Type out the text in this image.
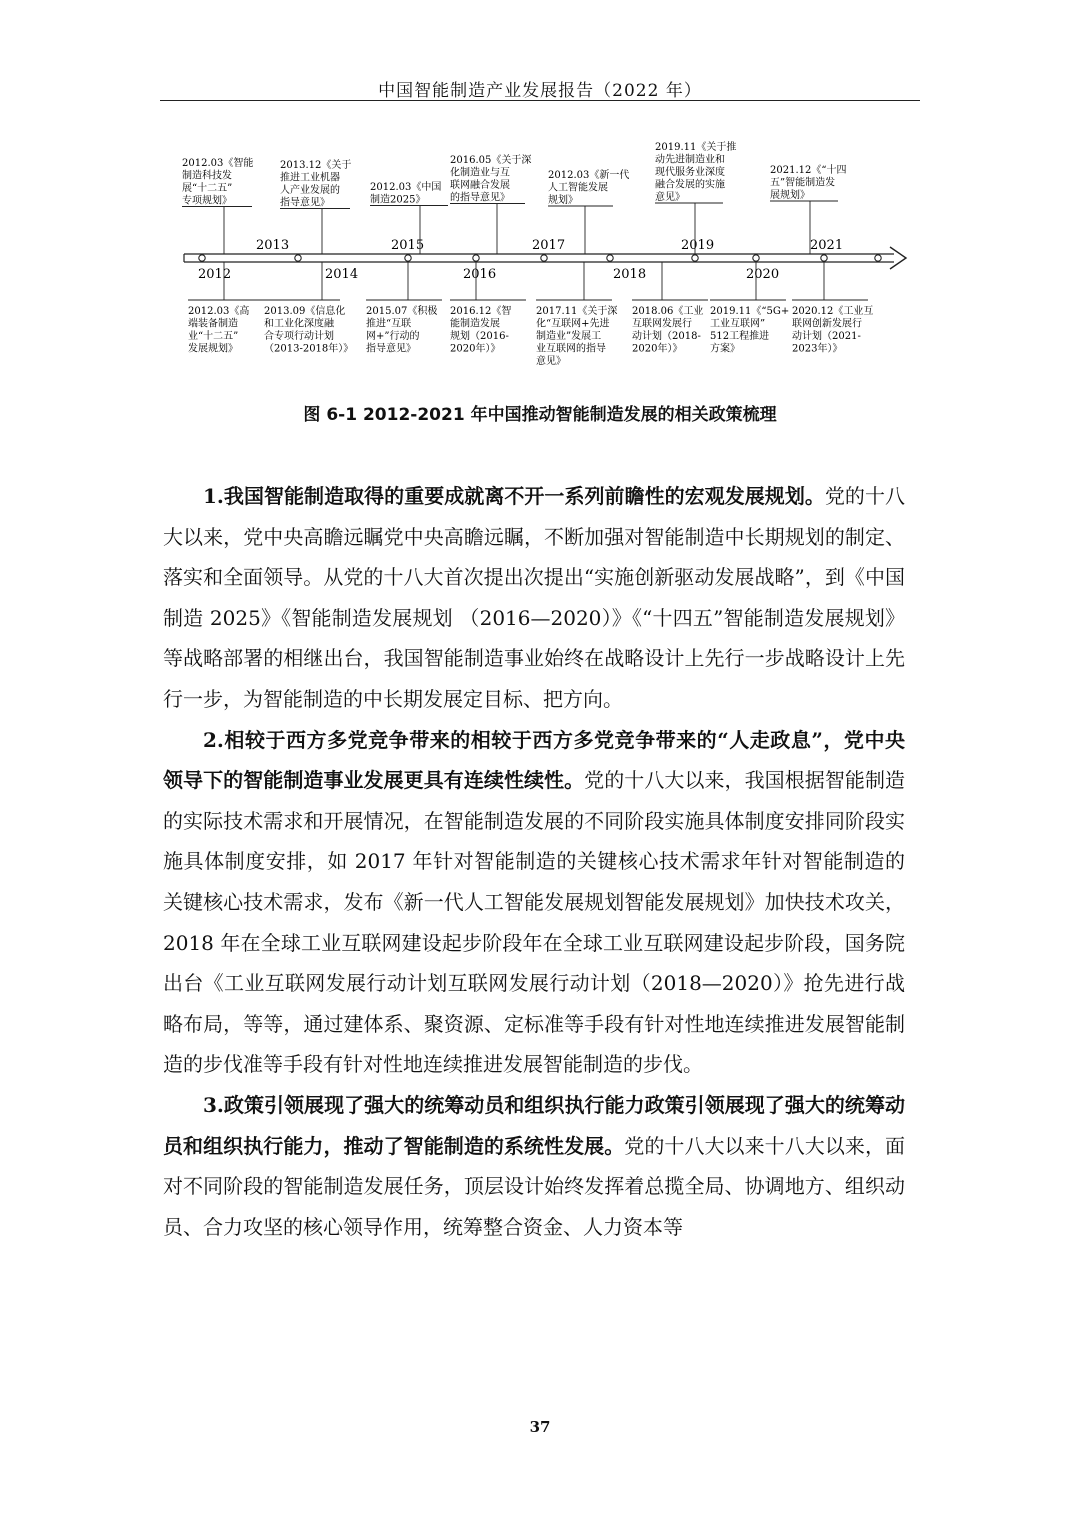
中国智能制造产业发展报告（2022 年）
2012	2014	2016	2018	2020
2013	2015	2017	2019	2021
2012.03《智能
制造科技发
展“十二五”
专项规划》
2013.12《关于
推进工业机器
人产业发展的
指导意见》
2012.03《中国
制造2025》
2016.05《关于深
化制造业与互
联网融合发展
的指导意见》
2012.03《新一代
人工智能发展
规划》
2019.11《关于推
动先进制造业和
现代服务业深度
融合发展的实施
意见》
2021.12《“十四
五”智能制造发
展规划》
2012.03《高
端装备制造
业“十二五”
发展规划》
2013.09《信息化
和工业化深度融
合专项行动计划
（2013-2018年）》
2015.07《积极
推进“互联
网+”行动的
指导意见》
2016.12《智
能制造发展
规划（2016-
2020年）》
2017.11《关于深
化“互联网+先进
制造业”发展工
业互联网的指导
意见》
2018.06《工业
互联网发展行
动计划（2018-
2020年）》
2019.11《“5G+
工业互联网”
512工程推进
方案》
2020.12《工业互
联网创新发展行
动计划（2021-
2023年）》
图 6-1 2012-2021 年中国推动智能制造发展的相关政策梳理

1.我国智能制造取得的重要成就离不开一系列前瞻性的宏观发展规划。党的十八大以来，党中央高瞻远瞩党中央高瞻远瞩，不断加强对智能制造中长期规划的制定、落实和全面领导。从党的十八大首次提出次提出“实施创新驱动发展战略”，到《中国制造 2025》《智能制造发展规划 （2016—2020）》《“十四五”智能制造发展规划》等战略部署的相继出台，我国智能制造事业始终在战略设计上先行一步战略设计上先行一步，为智能制造的中长期发展定目标、把方向。

2.相较于西方多党竞争带来的相较于西方多党竞争带来的“人走政息”，党中央领导下的智能制造事业发展更具有连续性续性。党的十八大以来，我国根据智能制造的实际技术需求和开展情况，在智能制造发展的不同阶段实施具体制度安排同阶段实施具体制度安排，如 2017 年针对智能制造的关键核心技术需求年针对智能制造的关键核心技术需求，发布《新一代人工智能发展规划智能发展规划》加快技术攻关，2018 年在全球工业互联网建设起步阶段年在全球工业互联网建设起步阶段，国务院出台《工业互联网发展行动计划互联网发展行动计划（2018—2020）》抢先进行战略布局，等等，通过建体系、聚资源、定标准等手段有针对性地连续推进发展智能制造的步伐准等手段有针对性地连续推进发展智能制造的步伐。

3.政策引领展现了强大的统筹动员和组织执行能力政策引领展现了强大的统筹动员和组织执行能力，推动了智能制造的系统性发展。党的十八大以来十八大以来，面对不同阶段的智能制造发展任务，顶层设计始终发挥着总揽全局、协调地方、组织动员、合力攻坚的核心领导作用，统筹整合资金、人力资本等

37
